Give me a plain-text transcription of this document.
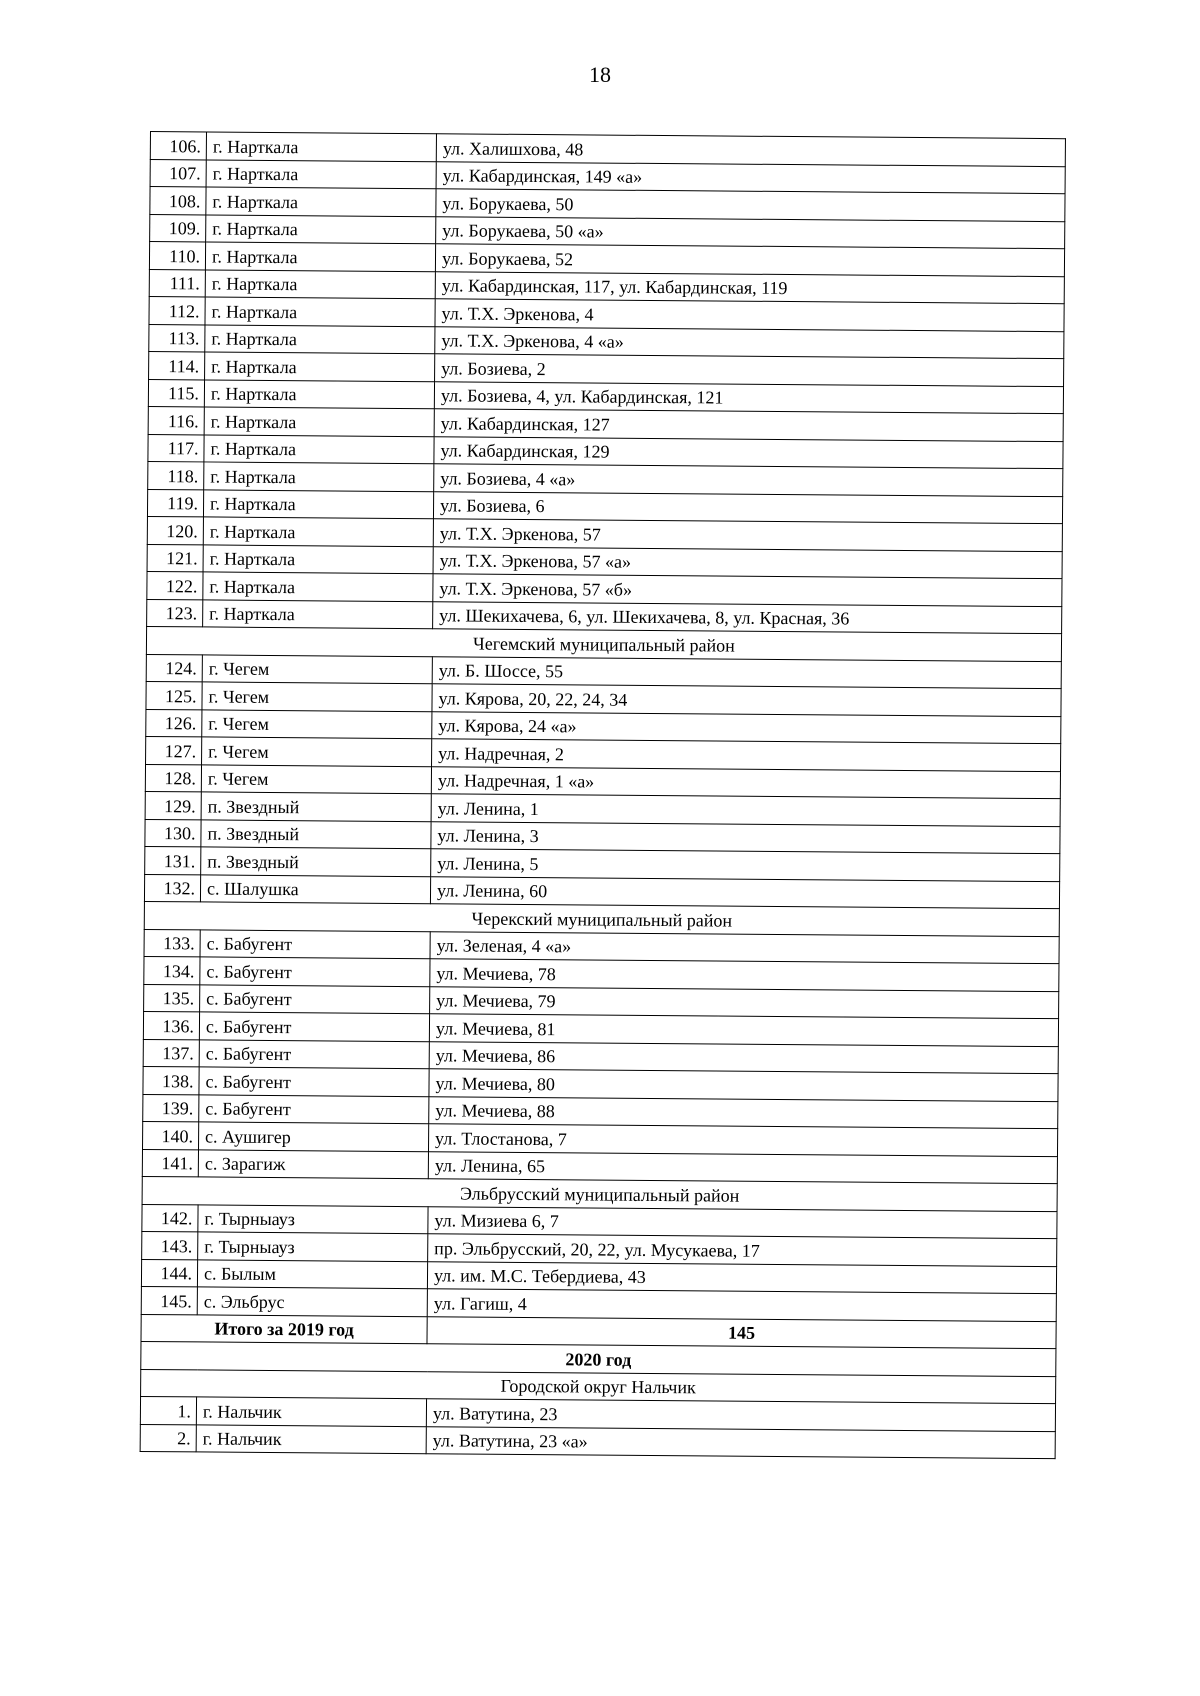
18
106.	г. Нарткала	ул. Халишхова, 48
107.	г. Нарткала	ул. Кабардинская, 149 «а»
108.	г. Нарткала	ул. Борукаева, 50
109.	г. Нарткала	ул. Борукаева, 50 «а»
110.	г. Нарткала	ул. Борукаева, 52
111.	г. Нарткала	ул. Кабардинская, 117, ул. Кабардинская, 119
112.	г. Нарткала	ул. Т.Х. Эркенова, 4
113.	г. Нарткала	ул. Т.Х. Эркенова, 4 «а»
114.	г. Нарткала	ул. Бозиева, 2
115.	г. Нарткала	ул. Бозиева, 4, ул. Кабардинская, 121
116.	г. Нарткала	ул. Кабардинская, 127
117.	г. Нарткала	ул. Кабардинская, 129
118.	г. Нарткала	ул. Бозиева, 4 «а»
119.	г. Нарткала	ул. Бозиева, 6
120.	г. Нарткала	ул. Т.Х. Эркенова, 57
121.	г. Нарткала	ул. Т.Х. Эркенова, 57 «а»
122.	г. Нарткала	ул. Т.Х. Эркенова, 57 «б»
123.	г. Нарткала	ул. Шекихачева, 6, ул. Шекихачева, 8, ул. Красная, 36
Чегемский муниципальный район		
124.	г. Чегем	ул. Б. Шоссе, 55
125.	г. Чегем	ул. Кярова, 20, 22, 24, 34
126.	г. Чегем	ул. Кярова, 24 «а»
127.	г. Чегем	ул. Надречная, 2
128.	г. Чегем	ул. Надречная, 1 «а»
129.	п. Звездный	ул. Ленина, 1
130.	п. Звездный	ул. Ленина, 3
131.	п. Звездный	ул. Ленина, 5
132.	с. Шалушка	ул. Ленина, 60
Черекский муниципальный район		
133.	с. Бабугент	ул. Зеленая, 4 «а»
134.	с. Бабугент	ул. Мечиева, 78
135.	с. Бабугент	ул. Мечиева, 79
136.	с. Бабугент	ул. Мечиева, 81
137.	с. Бабугент	ул. Мечиева, 86
138.	с. Бабугент	ул. Мечиева, 80
139.	с. Бабугент	ул. Мечиева, 88
140.	с. Аушигер	ул. Тлостанова, 7
141.	с. Зарагиж	ул. Ленина, 65
Эльбрусский муниципальный район		
142.	г. Тырныауз	ул. Мизиева 6, 7
143.	г. Тырныауз	пр. Эльбрусский, 20, 22, ул. Мусукаева, 17
144.	с. Былым	ул. им. М.С. Тебердиева, 43
145.	с. Эльбрус	ул. Гагиш, 4
Итого за 2019 год		145
2020 год		
Городской округ Нальчик		
1.	г. Нальчик	ул. Ватутина, 23
2.	г. Нальчик	ул. Ватутина, 23 «а»
